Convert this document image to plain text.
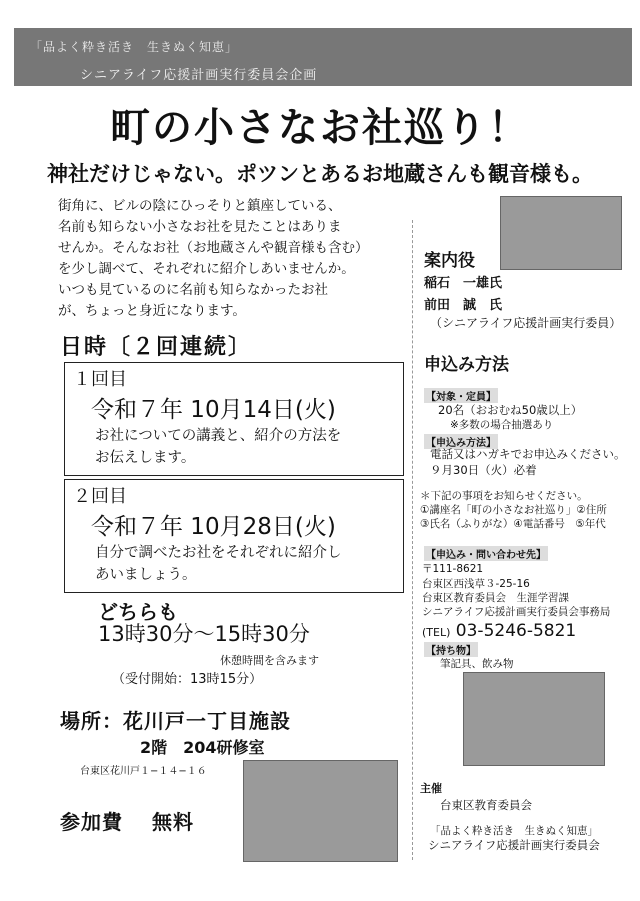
「品よく粋き活き　生きぬく知恵」
シニアライフ応援計画実行委員会企画
町の小さなお社巡り！
神社だけじゃない。ポツンとあるお地蔵さんも観音様も。
街角に、ビルの陰にひっそりと鎮座している、
名前も知らない小さなお社を見たことはありま
せんか。そんなお社（お地蔵さんや観音様も含む）
を少し調べて、それぞれに紹介しあいませんか。
いつも見ているのに名前も知らなかったお社
が、ちょっと身近になります。
日時〔２回連続〕
１回目
令和７年 10月14日(火)
お社についての講義と、紹介の方法を
お伝えします。
２回目
令和７年 10月28日(火)
自分で調べたお社をそれぞれに紹介し
あいましょう。
どちらも
13時30分〜15時30分
休憩時間を含みます
（受付開始：13時15分）
場所：花川戸一丁目施設
2階　204研修室
台東区花川戸１−１４−１６
参加費　 無料
案内役
稲石　一雄氏
前田　誠　氏
（シニアライフ応援計画実行委員）
申込み方法
【対象・定員】
20名（おおむね50歳以上）
※多数の場合抽選あり
【申込み方法】
電話又はハガキでお申込みください。
９月30日（火）必着
＊下記の事項をお知らせください。
①講座名「町の小さなお社巡り」②住所
③氏名（ふりがな）④電話番号　⑤年代
【申込み・問い合わせ先】
〒111-8621
台東区西浅草３-25-16
台東区教育委員会　生涯学習課
シニアライフ応援計画実行委員会事務局
(TEL) 03-5246-5821
【持ち物】
筆記具、飲み物
主催
台東区教育委員会
「品よく粋き活き　生きぬく知恵」
シニアライフ応援計画実行委員会
